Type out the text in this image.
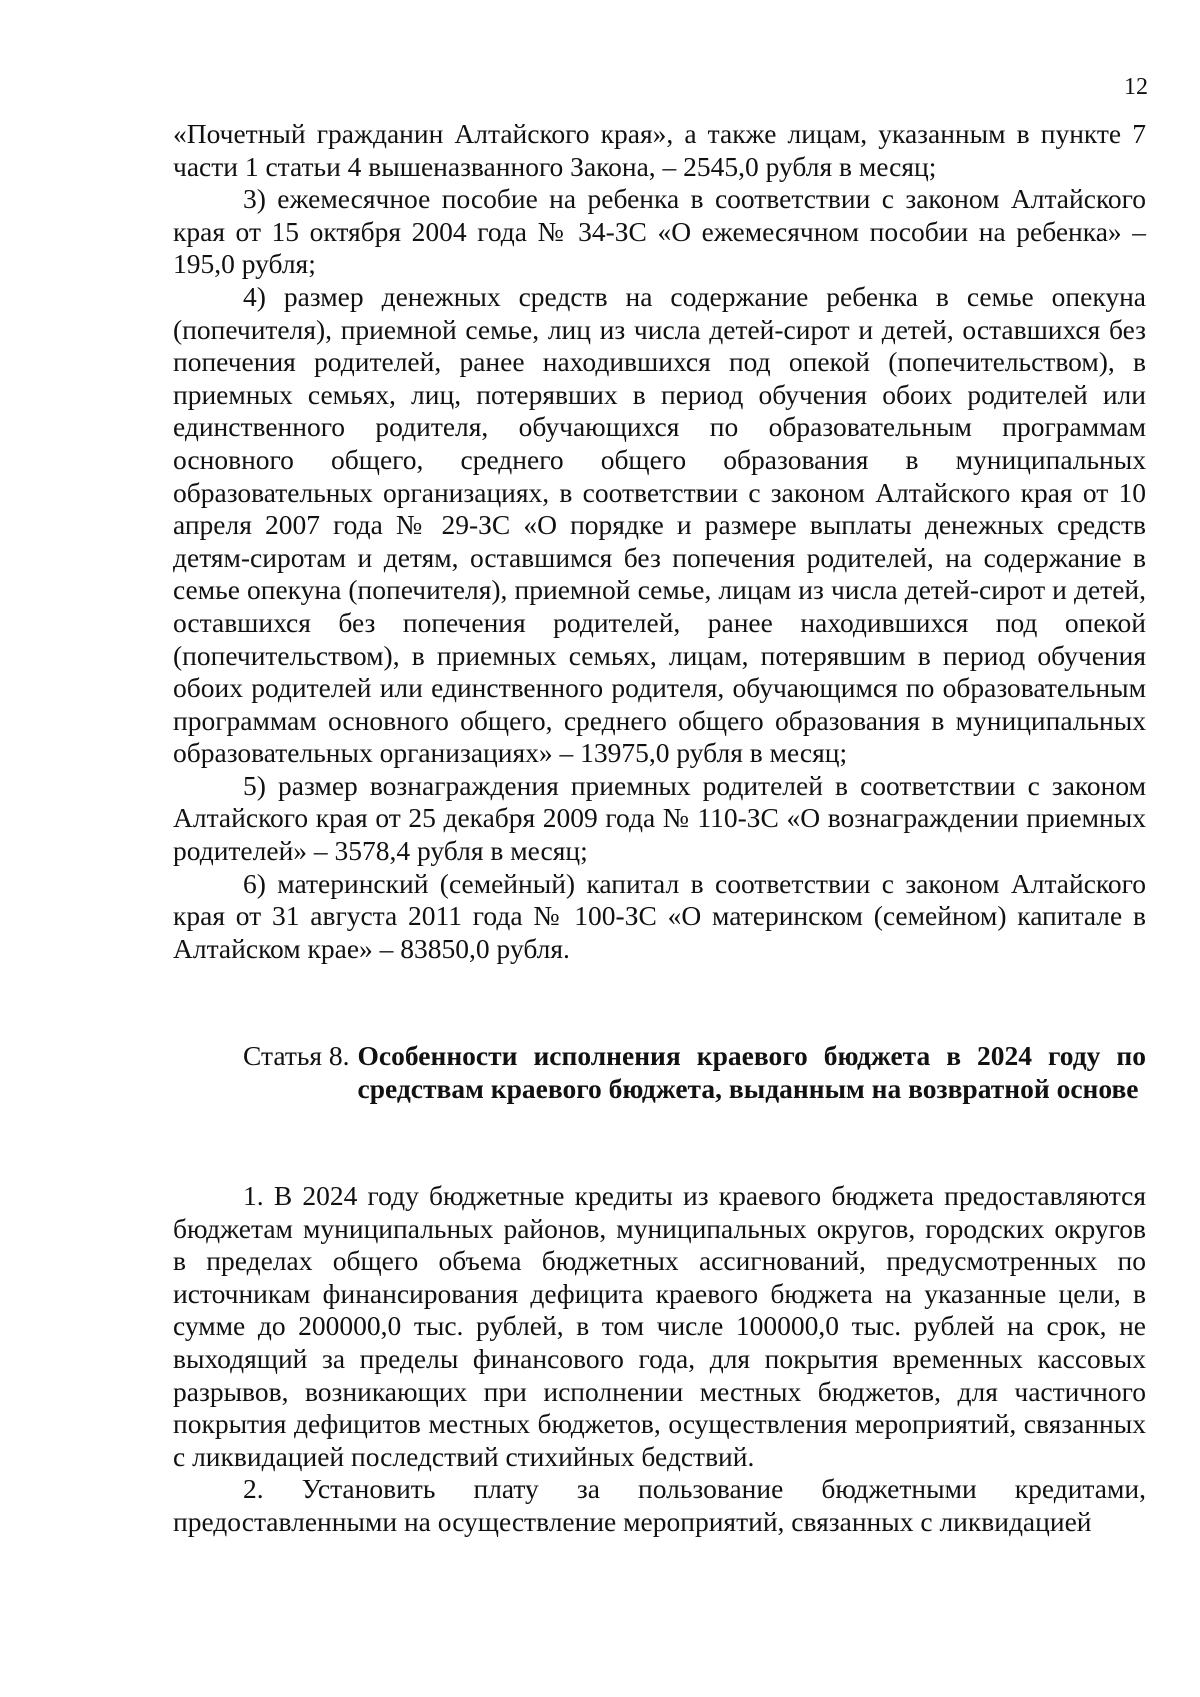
12

«Почетный гражданин Алтайского края», а также лицам, указанным в пункте 7 части 1 статьи 4 вышеназванного Закона, – 2545,0 рубля в месяц;

3) ежемесячное пособие на ребенка в соответствии с законом Алтайского края от 15 октября 2004 года № 34-ЗС «О ежемесячном пособии на ребенка» – 195,0 рубля;

4) размер денежных средств на содержание ребенка в семье опекуна (попечителя), приемной семье, лиц из числа детей-сирот и детей, оставшихся без попечения родителей, ранее находившихся под опекой (попечительством), в приемных семьях, лиц, потерявших в период обучения обоих родителей или единственного родителя, обучающихся по образовательным программам основного общего, среднего общего образования в муниципальных образовательных организациях, в соответствии с законом Алтайского края от 10 апреля 2007 года № 29-ЗС «О порядке и размере выплаты денежных средств детям-сиротам и детям, оставшимся без попечения родителей, на содержание в семье опекуна (попечителя), приемной семье, лицам из числа детей-сирот и детей, оставшихся без попечения родителей, ранее находившихся под опекой (попечительством), в приемных семьях, лицам, потерявшим в период обучения обоих родителей или единственного родителя, обучающимся по образовательным программам основного общего, среднего общего образования в муниципальных образовательных организациях» – 13975,0 рубля в месяц;

5) размер вознаграждения приемных родителей в соответствии с законом Алтайского края от 25 декабря 2009 года № 110-ЗС «О вознаграждении приемных родителей» – 3578,4 рубля в месяц;

6) материнский (семейный) капитал в соответствии с законом Алтайского края от 31 августа 2011 года № 100-ЗС «О материнском (семейном) капитале в Алтайском крае» – 83850,0 рубля.

Статья 8. Особенности исполнения краевого бюджета в 2024 году по средствам краевого бюджета, выданным на возвратной основе

1. В 2024 году бюджетные кредиты из краевого бюджета предоставляются бюджетам муниципальных районов, муниципальных округов, городских округов в пределах общего объема бюджетных ассигнований, предусмотренных по источникам финансирования дефицита краевого бюджета на указанные цели, в сумме до 200000,0 тыс. рублей, в том числе 100000,0 тыс. рублей на срок, не выходящий за пределы финансового года, для покрытия временных кассовых разрывов, возникающих при исполнении местных бюджетов, для частичного покрытия дефицитов местных бюджетов, осуществления мероприятий, связанных с ликвидацией последствий стихийных бедствий.

2. Установить плату за пользование бюджетными кредитами, предоставленными на осуществление мероприятий, связанных с ликвидацией
